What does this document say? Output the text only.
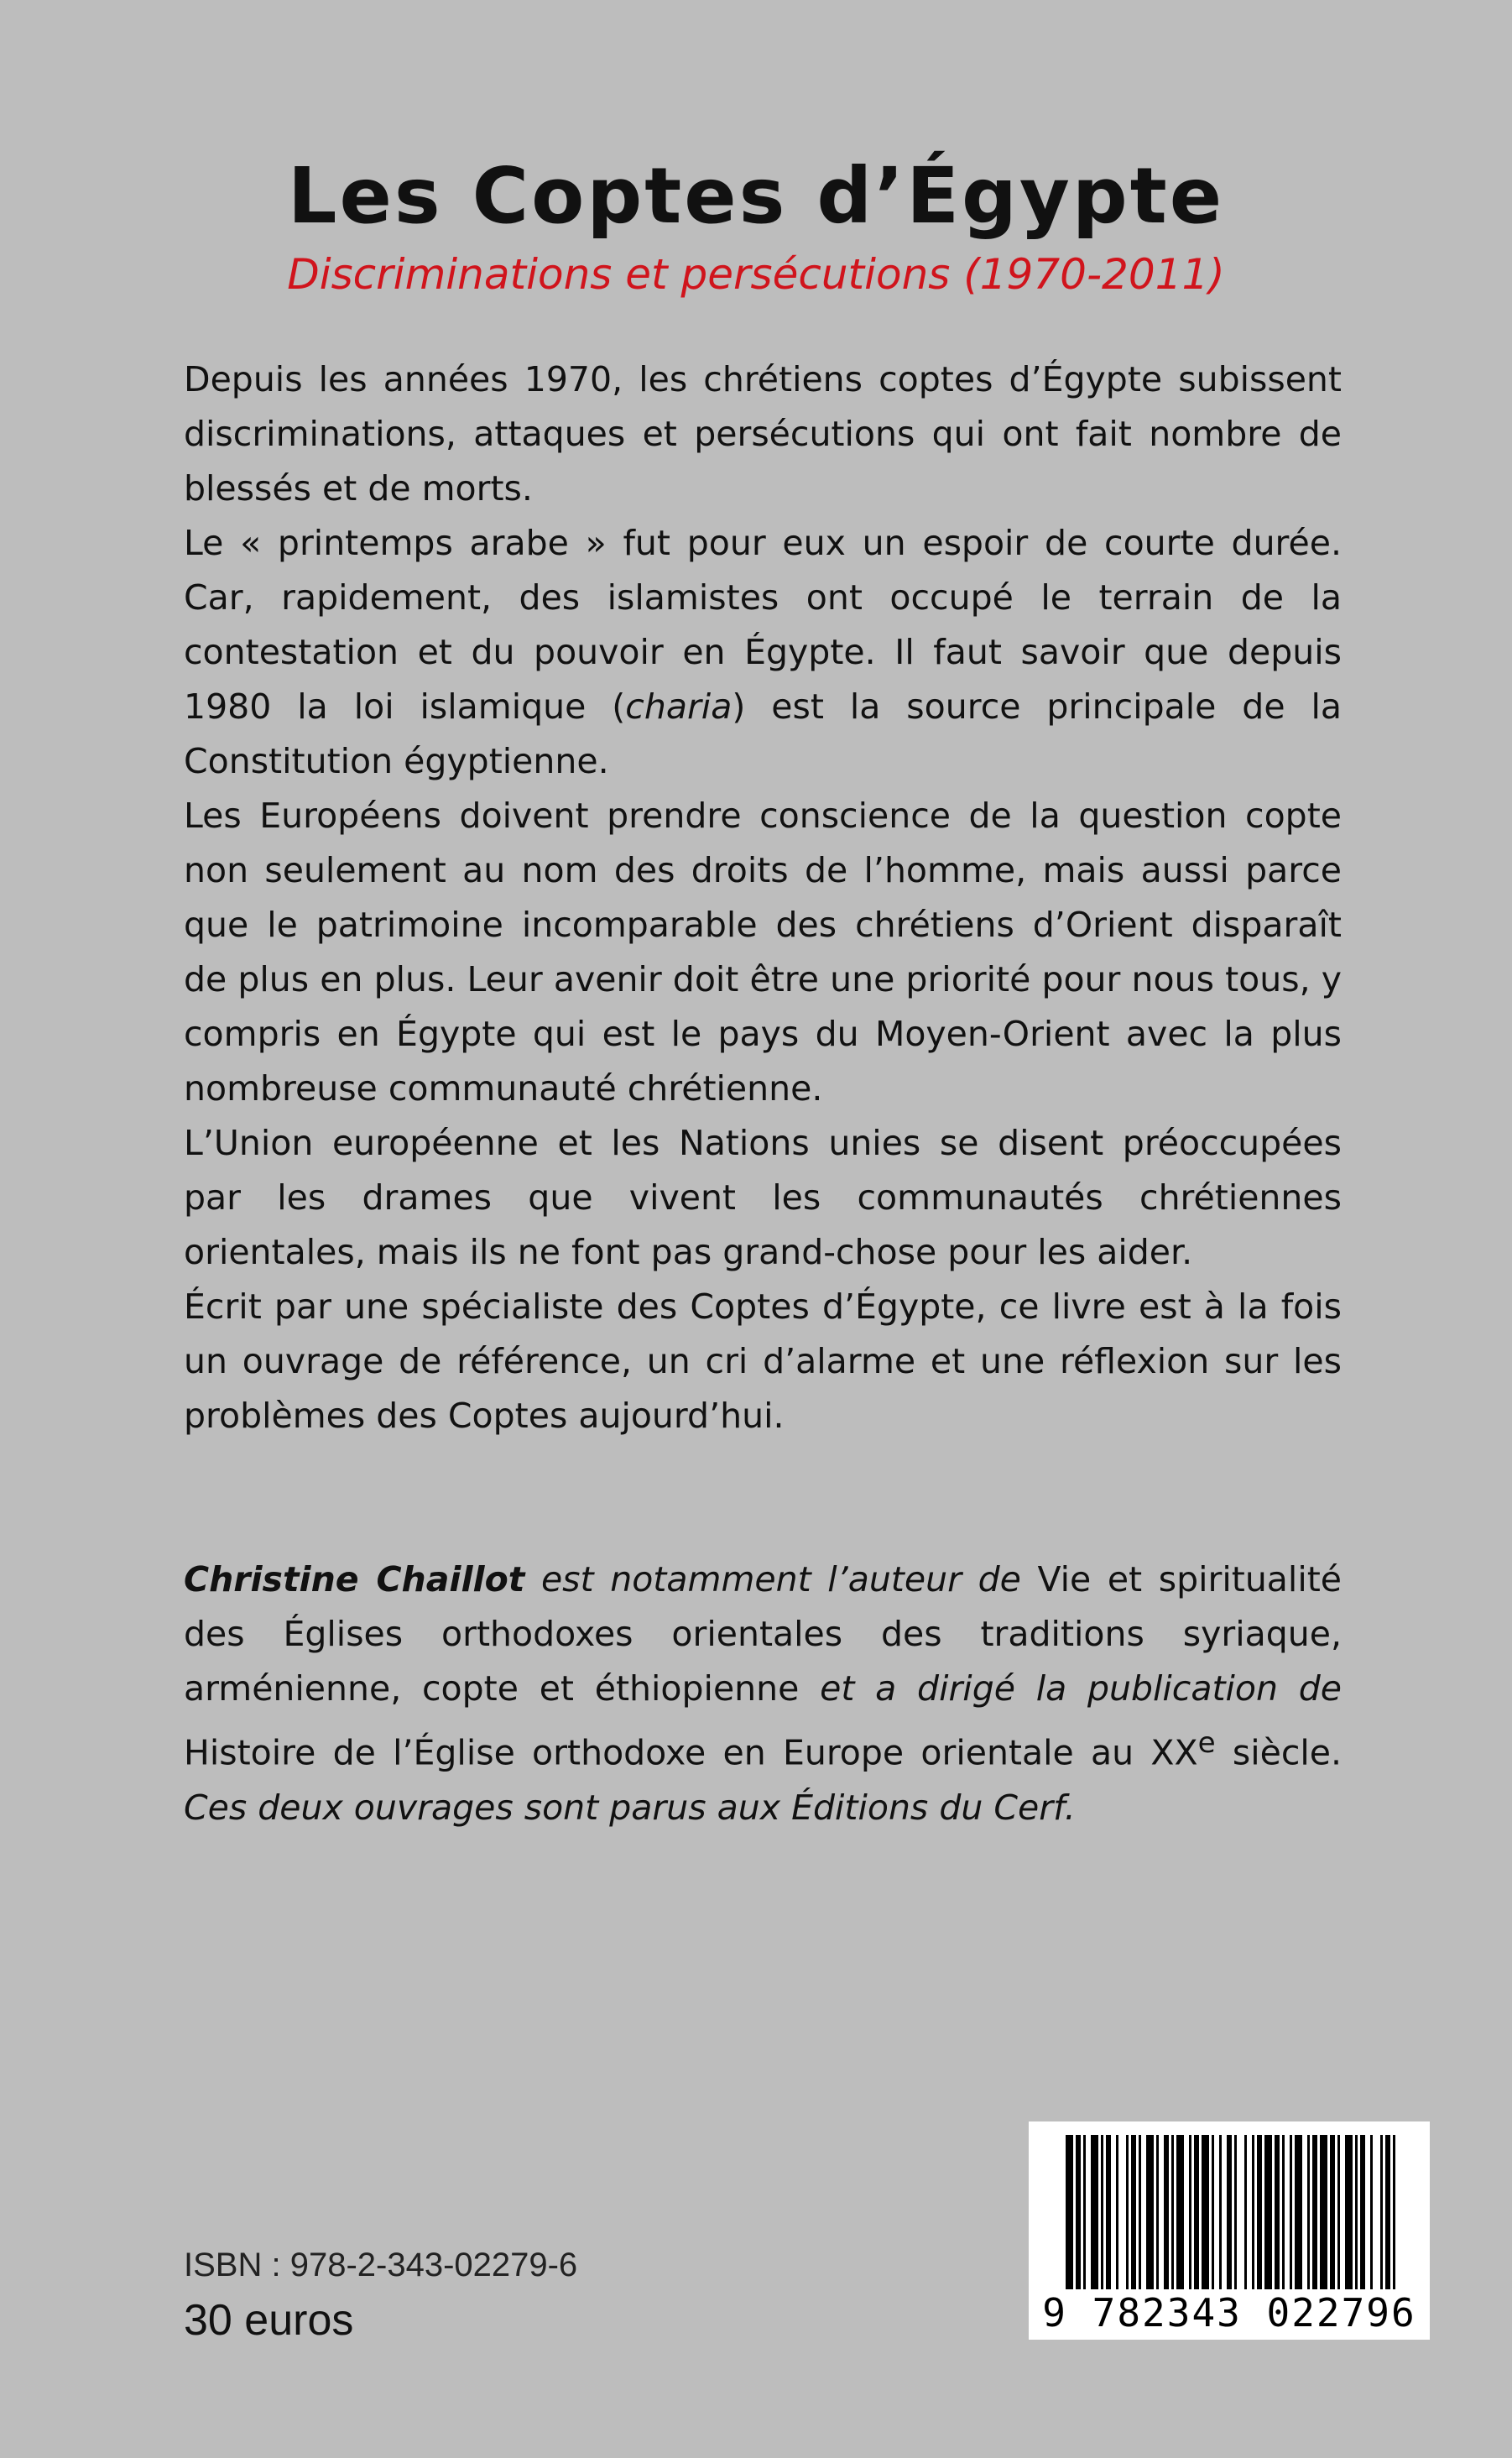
Les Coptes d’Égypte
Discriminations et persécutions (1970-2011)

Depuis les années 1970, les chrétiens coptes d’Égypte subissent discriminations, attaques et persécutions qui ont fait nombre de blessés et de morts.

Le « printemps arabe » fut pour eux un espoir de courte durée. Car, rapidement, des islamistes ont occupé le terrain de la contestation et du pouvoir en Égypte. Il faut savoir que depuis 1980 la loi islamique (charia) est la source principale de la Constitution égyptienne.

Les Européens doivent prendre conscience de la question copte non seulement au nom des droits de l’homme, mais aussi parce que le patrimoine incomparable des chrétiens d’Orient disparaît de plus en plus. Leur avenir doit être une priorité pour nous tous, y compris en Égypte qui est le pays du Moyen-Orient avec la plus nombreuse communauté chrétienne.

L’Union européenne et les Nations unies se disent préoccupées par les drames que vivent les communautés chrétiennes orientales, mais ils ne font pas grand-chose pour les aider.

Écrit par une spécialiste des Coptes d’Égypte, ce livre est à la fois un ouvrage de référence, un cri d’alarme et une réflexion sur les problèmes des Coptes aujourd’hui.

Christine Chaillot est notamment l’auteur de Vie et spiritualité des Églises orthodoxes orientales des traditions syriaque, arménienne, copte et éthiopienne et a dirigé la publication de Histoire de l’Église orthodoxe en Europe orientale au XXe siècle. Ces deux ouvrages sont parus aux Éditions du Cerf.

ISBN : 978-2-343-02279-6
30 euros	9 782343 022796
